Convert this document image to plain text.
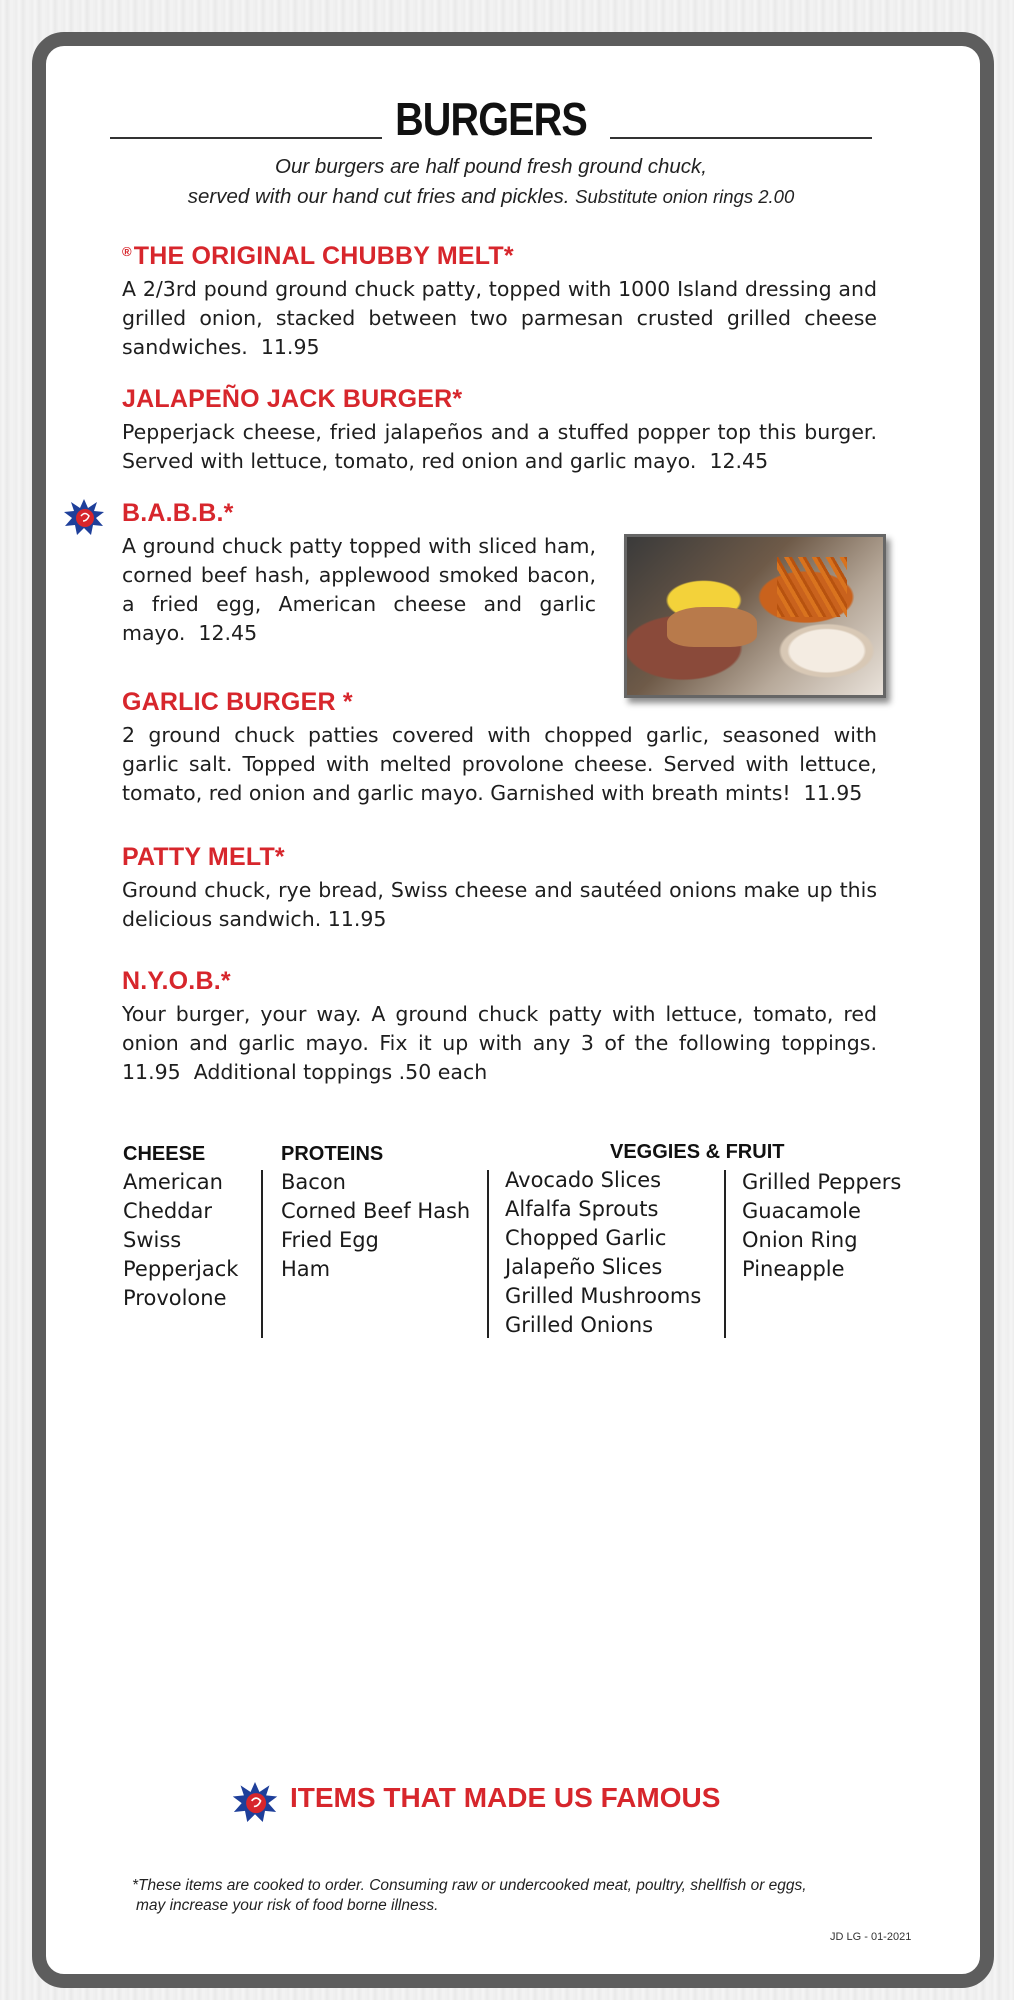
BURGERS
Our burgers are half pound fresh ground chuck,
served with our hand cut fries and pickles. Substitute onion rings 2.00
®THE ORIGINAL CHUBBY MELT*
A 2/3rd pound ground chuck patty, topped with 1000 Island dressing and grilled onion, stacked between two parmesan crusted grilled cheese sandwiches. 11.95
JALAPEÑO JACK BURGER*
Pepperjack cheese, fried jalapeños and a stuffed popper top this burger. Served with lettuce, tomato, red onion and garlic mayo. 12.45
B.A.B.B.*
A ground chuck patty topped with sliced ham, corned beef hash, applewood smoked bacon, a fried egg, American cheese and garlic mayo. 12.45
GARLIC BURGER *
2 ground chuck patties covered with chopped garlic, seasoned with garlic salt. Topped with melted provolone cheese. Served with lettuce, tomato, red onion and garlic mayo. Garnished with breath mints! 11.95
PATTY MELT*
Ground chuck, rye bread, Swiss cheese and sautéed onions make up this delicious sandwich. 11.95
N.Y.O.B.*
Your burger, your way. A ground chuck patty with lettuce, tomato, red onion and garlic mayo. Fix it up with any 3 of the following toppings. 11.95 Additional toppings .50 each
CHEESE
American
Cheddar
Swiss
Pepperjack
Provolone
PROTEINS
Bacon
Corned Beef Hash
Fried Egg
Ham
VEGGIES & FRUIT
Avocado Slices
Alfalfa Sprouts
Chopped Garlic
Jalapeño Slices
Grilled Mushrooms
Grilled Onions
Grilled Peppers
Guacamole
Onion Ring
Pineapple
ITEMS THAT MADE US FAMOUS
*These items are cooked to order. Consuming raw or undercooked meat, poultry, shellfish or eggs,
may increase your risk of food borne illness.
JD LG - 01-2021
